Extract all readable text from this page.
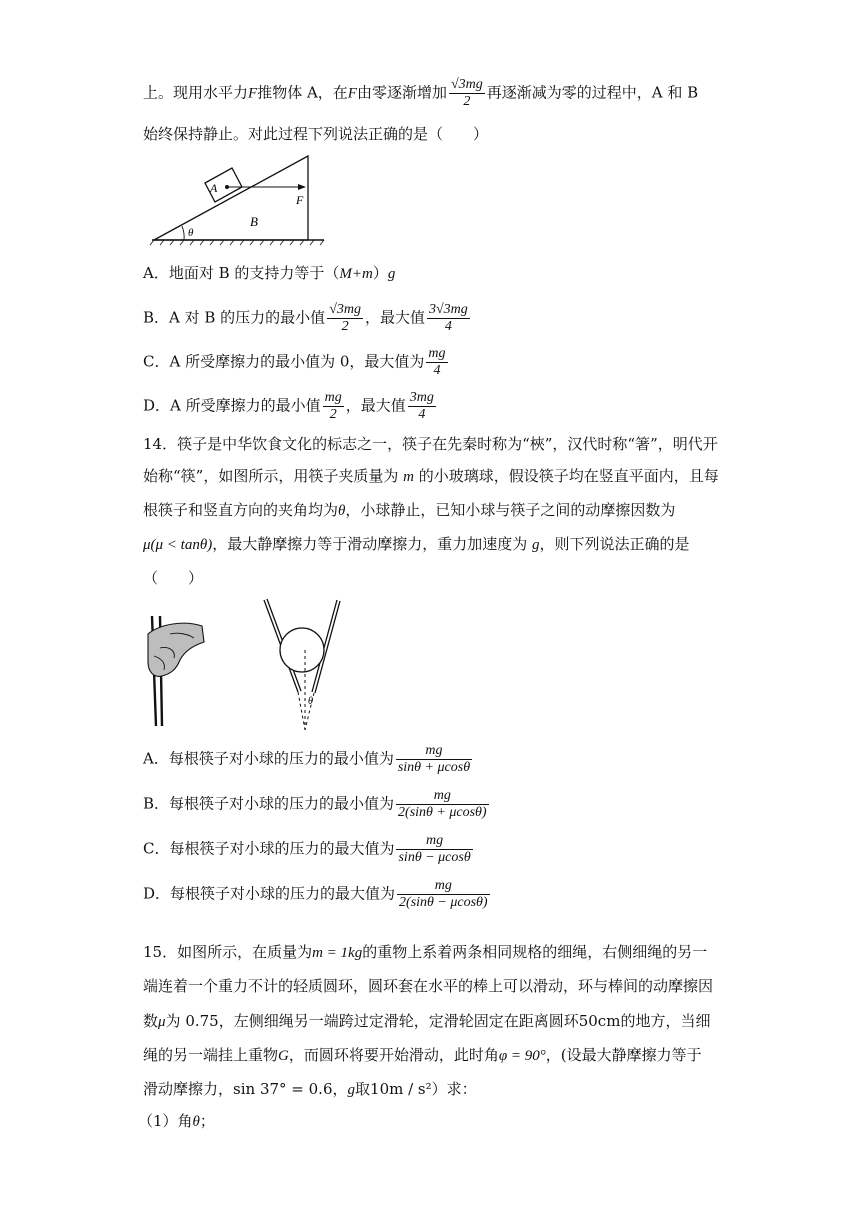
上。现用水平力F推物体 A，在F由零逐渐增加 $\frac{√3mg}{2}$ 再逐渐减为零的过程中，A 和 B
始终保持静止。对此过程下列说法正确的是（　　）
θ
A
F
B
A．地面对 B 的支持力等于（M+m）g
B．A 对 B 的压力的最小值 $\frac{√3mg}{2}$ ，最大值 $\frac{3√3mg}{4}$
C．A 所受摩擦力的最小值为 0，最大值为 $\frac{mg}{4}$
D．A 所受摩擦力的最小值 $\frac{mg}{2}$ ，最大值 $\frac{3mg}{4}$
14．筷子是中华饮食文化的标志之一，筷子在先秦时称为“梜”，汉代时称“箸”，明代开
始称“筷”，如图所示，用筷子夹质量为 m 的小玻璃球，假设筷子均在竖直平面内，且每
根筷子和竖直方向的夹角均为θ，小球静止，已知小球与筷子之间的动摩擦因数为
μ(μ < tanθ)，最大静摩擦力等于滑动摩擦力，重力加速度为 g，则下列说法正确的是
（　　）
θ
A．每根筷子对小球的压力的最小值为 $\frac{mg}{\sin\theta + \mu\cos\theta}$
B．每根筷子对小球的压力的最小值为 $\frac{mg}{2(\sin\theta + \mu\cos\theta)}$
C．每根筷子对小球的压力的最大值为 $\frac{mg}{\sin\theta - \mu\cos\theta}$
D．每根筷子对小球的压力的最大值为 $\frac{mg}{2(\sin\theta - \mu\cos\theta)}$
15．如图所示，在质量为m = 1kg的重物上系着两条相同规格的细绳，右侧细绳的另一
端连着一个重力不计的轻质圆环，圆环套在水平的棒上可以滑动，环与棒间的动摩擦因
数μ为 0.75，左侧细绳另一端跨过定滑轮，定滑轮固定在距离圆环50cm的地方，当细
绳的另一端挂上重物G，而圆环将要开始滑动，此时角φ = 90°，(设最大静摩擦力等于
滑动摩擦力，sin 37° = 0.6，g取10m / s²）求：
（1）角θ；
